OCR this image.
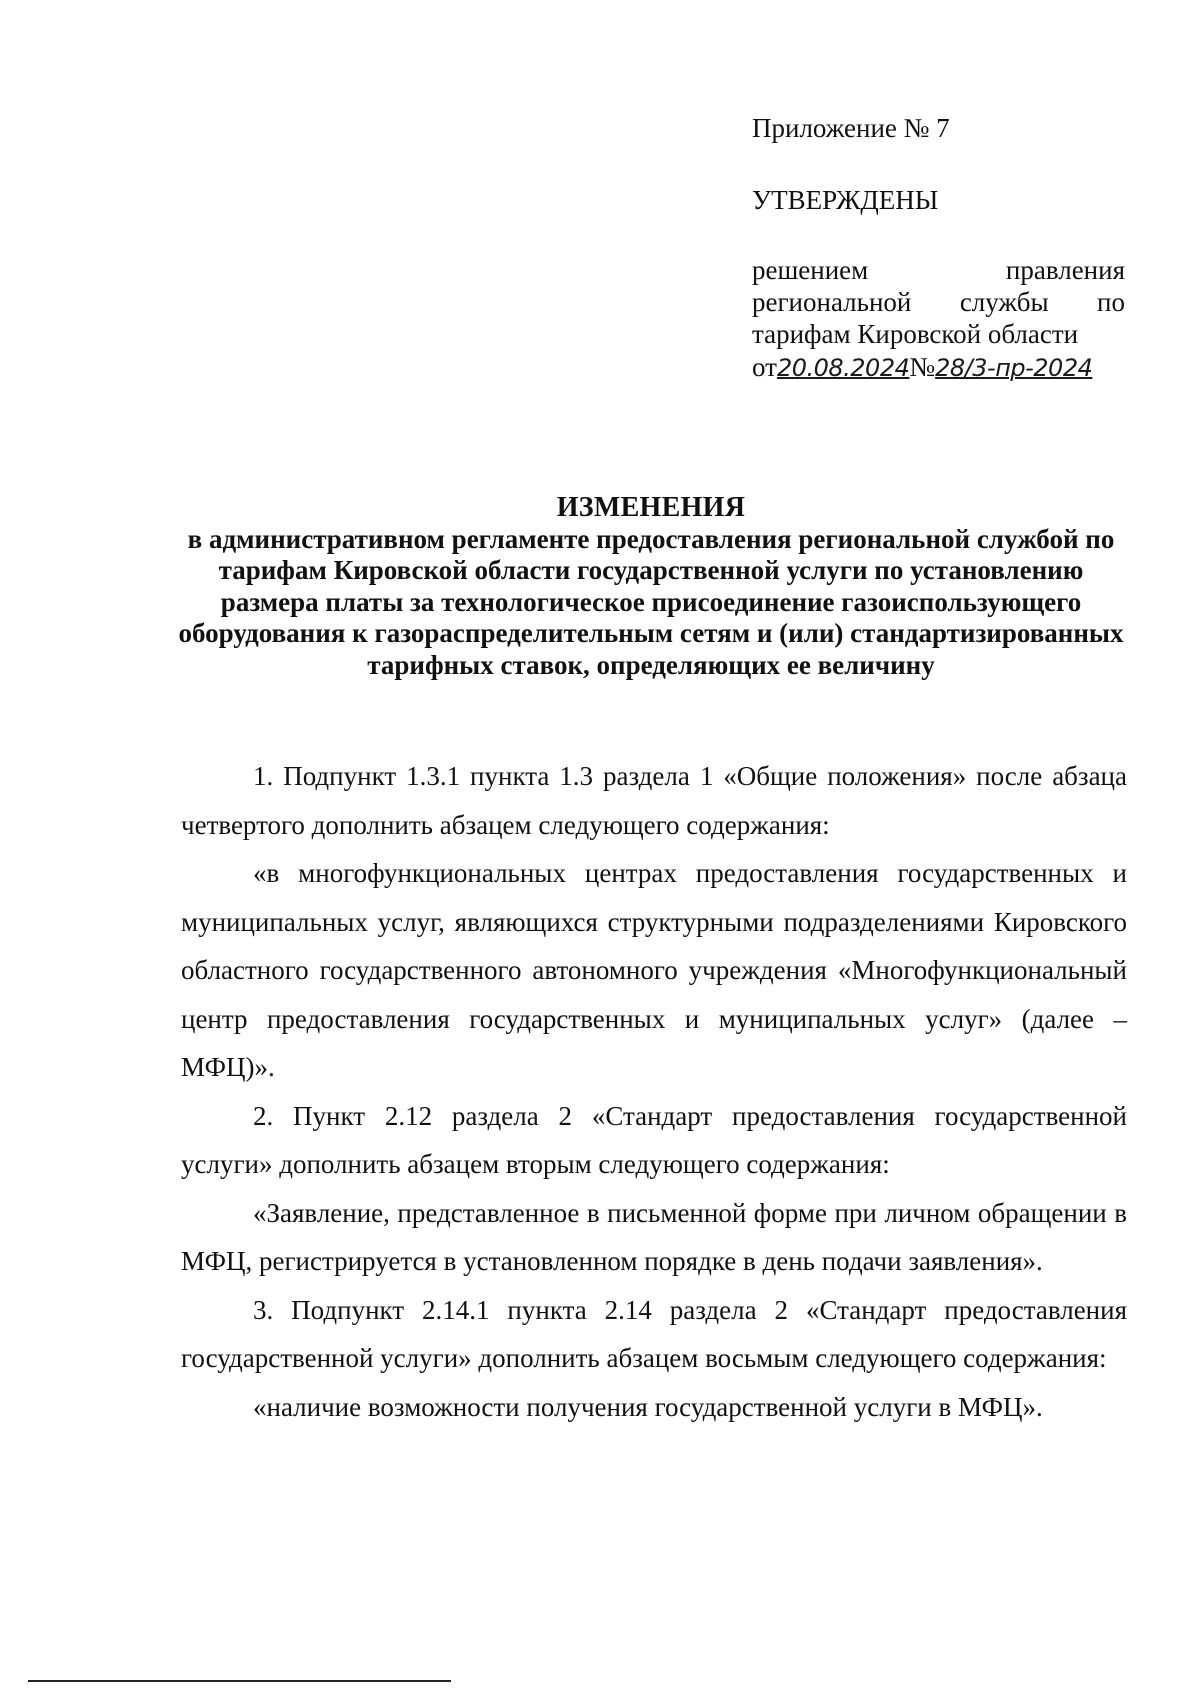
Приложение № 7

УТВЕРЖДЕНЫ

решением правления
региональной службы по
тарифам Кировской области
от20.08.2024№28/3-пр-2024
ИЗМЕНЕНИЯ
в административном регламенте предоставления региональной службой по тарифам Кировской области государственной услуги по установлению размера платы за технологическое присоединение газоиспользующего оборудования к газораспределительным сетям и (или) стандартизированных тарифных ставок, определяющих ее величину

1. Подпункт 1.3.1 пункта 1.3 раздела 1 «Общие положения» после абзаца четвертого дополнить абзацем следующего содержания:

«в многофункциональных центрах предоставления государственных и муниципальных услуг, являющихся структурными подразделениями Кировского областного государственного автономного учреждения «Многофункциональный центр предоставления государственных и муниципальных услуг» (далее – МФЦ)».

2. Пункт 2.12 раздела 2 «Стандарт предоставления государственной услуги» дополнить абзацем вторым следующего содержания:

«Заявление, представленное в письменной форме при личном обращении в МФЦ, регистрируется в установленном порядке в день подачи заявления».

3. Подпункт 2.14.1 пункта 2.14 раздела 2 «Стандарт предоставления государственной услуги» дополнить абзацем восьмым следующего содержания:

«наличие возможности получения государственной услуги в МФЦ».
